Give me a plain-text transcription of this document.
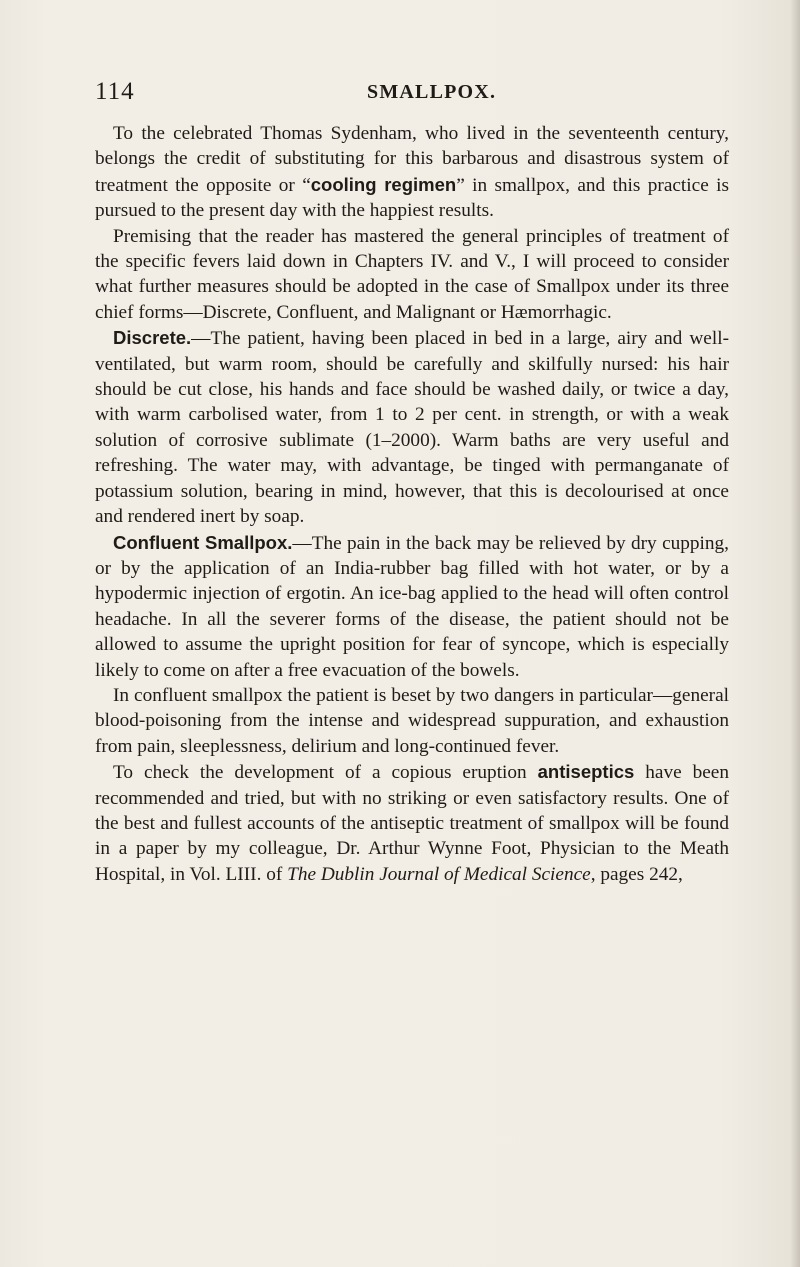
114	SMALLPOX.

To the celebrated Thomas Sydenham, who lived in the seventeenth century, belongs the credit of substituting for this barbarous and disastrous system of treatment the opposite or “cooling regimen” in smallpox, and this practice is pursued to the present day with the happiest results.

Premising that the reader has mastered the general principles of treatment of the specific fevers laid down in Chapters IV. and V., I will proceed to consider what further measures should be adopted in the case of Smallpox under its three chief forms—Discrete, Confluent, and Malignant or Hæmorrhagic.

Discrete.—The patient, having been placed in bed in a large, airy and well-ventilated, but warm room, should be carefully and skilfully nursed: his hair should be cut close, his hands and face should be washed daily, or twice a day, with warm carbolised water, from 1 to 2 per cent. in strength, or with a weak solution of corrosive sublimate (1–2000). Warm baths are very useful and refreshing. The water may, with advantage, be tinged with permanganate of potassium solution, bearing in mind, however, that this is decolourised at once and rendered inert by soap.

Confluent Smallpox.—The pain in the back may be relieved by dry cupping, or by the application of an India-rubber bag filled with hot water, or by a hypodermic injection of ergotin. An ice-bag applied to the head will often control headache. In all the severer forms of the disease, the patient should not be allowed to assume the upright position for fear of syncope, which is especially likely to come on after a free evacuation of the bowels.

In confluent smallpox the patient is beset by two dangers in particular—general blood-poisoning from the intense and widespread suppuration, and exhaustion from pain, sleeplessness, delirium and long-continued fever.

To check the development of a copious eruption antiseptics have been recommended and tried, but with no striking or even satisfactory results. One of the best and fullest accounts of the antiseptic treatment of smallpox will be found in a paper by my colleague, Dr. Arthur Wynne Foot, Physician to the Meath Hospital, in Vol. LIII. of The Dublin Journal of Medical Science, pages 242,
